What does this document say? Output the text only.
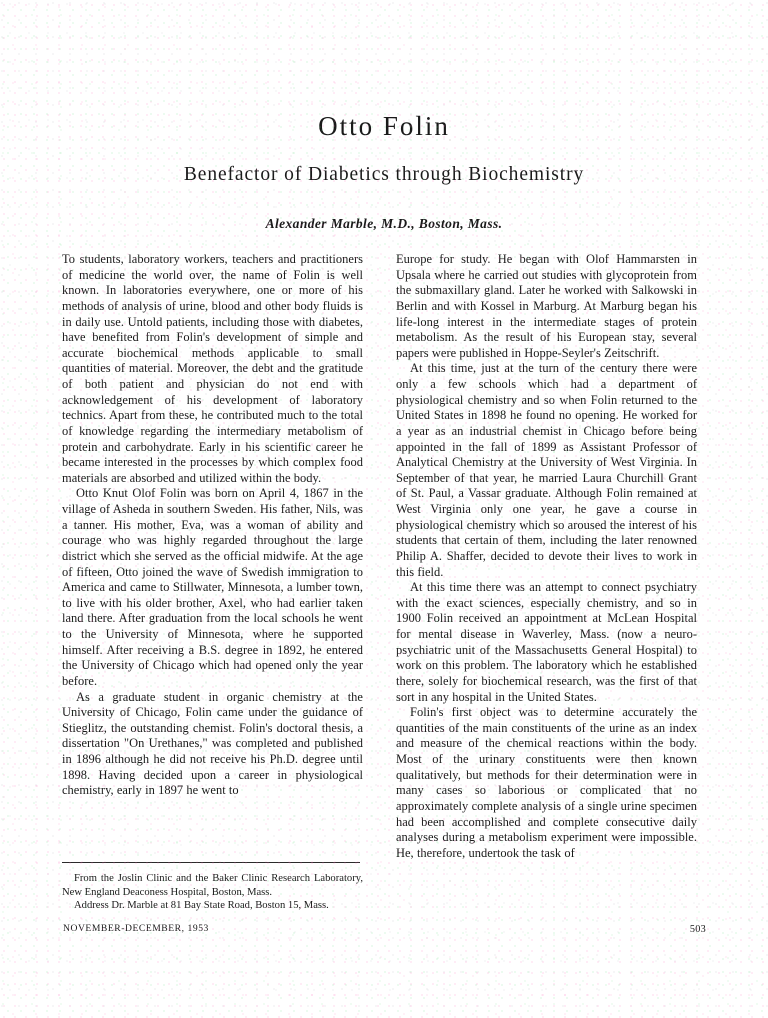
Otto Folin
Benefactor of Diabetics through Biochemistry
Alexander Marble, M.D., Boston, Mass.

To students, laboratory workers, teachers and practitioners of medicine the world over, the name of Folin is well known. In laboratories everywhere, one or more of his methods of analysis of urine, blood and other body fluids is in daily use. Untold patients, including those with diabetes, have benefited from Folin's development of simple and accurate biochemical methods applicable to small quantities of material. Moreover, the debt and the gratitude of both patient and physician do not end with acknowledgement of his development of laboratory technics. Apart from these, he contributed much to the total of knowledge regarding the intermediary metabolism of protein and carbohydrate. Early in his scientific career he became interested in the processes by which complex food materials are absorbed and utilized within the body.

Otto Knut Olof Folin was born on April 4, 1867 in the village of Asheda in southern Sweden. His father, Nils, was a tanner. His mother, Eva, was a woman of ability and courage who was highly regarded throughout the large district which she served as the official midwife. At the age of fifteen, Otto joined the wave of Swedish immigration to America and came to Stillwater, Minnesota, a lumber town, to live with his older brother, Axel, who had earlier taken land there. After graduation from the local schools he went to the University of Minnesota, where he supported himself. After receiving a B.S. degree in 1892, he entered the University of Chicago which had opened only the year before.

As a graduate student in organic chemistry at the University of Chicago, Folin came under the guidance of Stieglitz, the outstanding chemist. Folin's doctoral thesis, a dissertation "On Urethanes," was completed and published in 1896 although he did not receive his Ph.D. degree until 1898. Having decided upon a career in physiological chemistry, early in 1897 he went to

Europe for study. He began with Olof Hammarsten in Upsala where he carried out studies with glycoprotein from the submaxillary gland. Later he worked with Salkowski in Berlin and with Kossel in Marburg. At Marburg began his life-long interest in the intermediate stages of protein metabolism. As the result of his European stay, several papers were published in Hoppe-Seyler's Zeitschrift.

At this time, just at the turn of the century there were only a few schools which had a department of physiological chemistry and so when Folin returned to the United States in 1898 he found no opening. He worked for a year as an industrial chemist in Chicago before being appointed in the fall of 1899 as Assistant Professor of Analytical Chemistry at the University of West Virginia. In September of that year, he married Laura Churchill Grant of St. Paul, a Vassar graduate. Although Folin remained at West Virginia only one year, he gave a course in physiological chemistry which so aroused the interest of his students that certain of them, including the later renowned Philip A. Shaffer, decided to devote their lives to work in this field.

At this time there was an attempt to connect psychiatry with the exact sciences, especially chemistry, and so in 1900 Folin received an appointment at McLean Hospital for mental disease in Waverley, Mass. (now a neuro-psychiatric unit of the Massachusetts General Hospital) to work on this problem. The laboratory which he established there, solely for biochemical research, was the first of that sort in any hospital in the United States.

Folin's first object was to determine accurately the quantities of the main constituents of the urine as an index and measure of the chemical reactions within the body. Most of the urinary constituents were then known qualitatively, but methods for their determination were in many cases so laborious or complicated that no approximately complete analysis of a single urine specimen had been accomplished and complete consecutive daily analyses during a metabolism experiment were impossible. He, therefore, undertook the task of

From the Joslin Clinic and the Baker Clinic Research Laboratory, New England Deaconess Hospital, Boston, Mass.

Address Dr. Marble at 81 Bay State Road, Boston 15, Mass.

NOVEMBER-DECEMBER, 1953	503
